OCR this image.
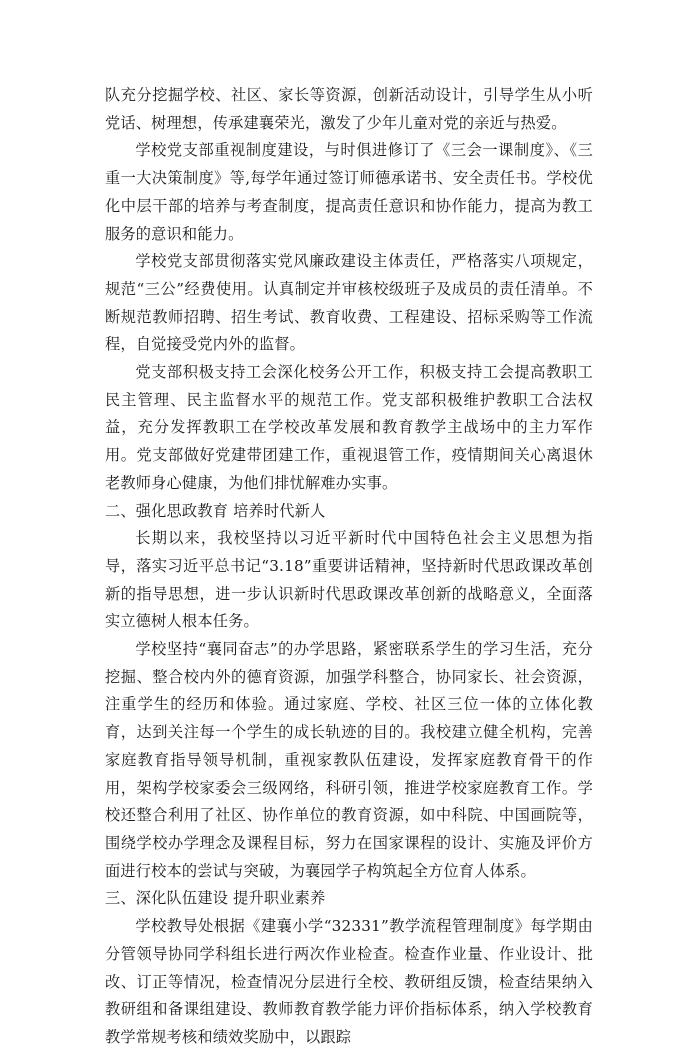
队充分挖掘学校、社区、家长等资源，创新活动设计，引导学生从小听党话、树理想，传承建襄荣光，激发了少年儿童对党的亲近与热爱。

学校党支部重视制度建设，与时俱进修订了《三会一课制度》、《三重一大决策制度》等,每学年通过签订师德承诺书、安全责任书。学校优化中层干部的培养与考查制度，提高责任意识和协作能力，提高为教工服务的意识和能力。

学校党支部贯彻落实党风廉政建设主体责任，严格落实八项规定，规范“三公”经费使用。认真制定并审核校级班子及成员的责任清单。不断规范教师招聘、招生考试、教育收费、工程建设、招标采购等工作流程，自觉接受党内外的监督。

党支部积极支持工会深化校务公开工作，积极支持工会提高教职工民主管理、民主监督水平的规范工作。党支部积极维护教职工合法权益，充分发挥教职工在学校改革发展和教育教学主战场中的主力军作用。党支部做好党建带团建工作，重视退管工作，疫情期间关心离退休老教师身心健康，为他们排忧解难办实事。

二、强化思政教育 培养时代新人

长期以来，我校坚持以习近平新时代中国特色社会主义思想为指导，落实习近平总书记“3.18”重要讲话精神，坚持新时代思政课改革创新的指导思想，进一步认识新时代思政课改革创新的战略意义，全面落实立德树人根本任务。

学校坚持“襄同奋志”的办学思路，紧密联系学生的学习生活，充分挖掘、整合校内外的德育资源，加强学科整合，协同家长、社会资源，注重学生的经历和体验。通过家庭、学校、社区三位一体的立体化教育，达到关注每一个学生的成长轨迹的目的。我校建立健全机构，完善家庭教育指导领导机制，重视家教队伍建设，发挥家庭教育骨干的作用，架构学校家委会三级网络，科研引领，推进学校家庭教育工作。学校还整合利用了社区、协作单位的教育资源，如中科院、中国画院等，围绕学校办学理念及课程目标，努力在国家课程的设计、实施及评价方面进行校本的尝试与突破，为襄园学子构筑起全方位育人体系。

三、深化队伍建设 提升职业素养

学校教导处根据《建襄小学“32331”教学流程管理制度》每学期由分管领导协同学科组长进行两次作业检查。检查作业量、作业设计、批改、订正等情况，检查情况分层进行全校、教研组反馈，检查结果纳入教研组和备课组建设、教师教育教学能力评价指标体系，纳入学校教育教学常规考核和绩效奖励中，以跟踪
